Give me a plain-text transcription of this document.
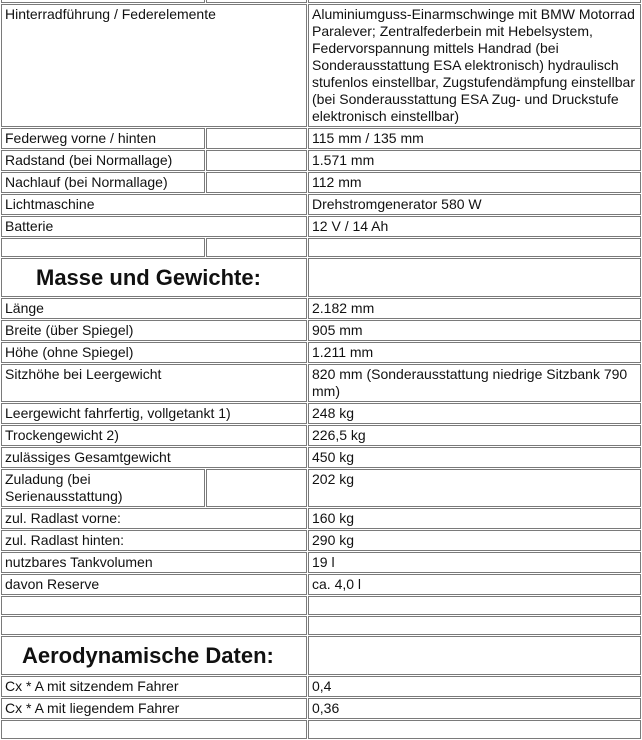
Hinterradführung / Federelemente		Aluminiumguss-Einarmschwinge mit BMW Motorrad Paralever; Zentralfederbein mit Hebelsystem, Federvorspannung mittels Handrad (bei Sonderausstattung ESA elektronisch) hydraulisch stufenlos einstellbar, Zugstufendämpfung einstellbar (bei Sonderausstattung ESA Zug- und Druckstufe elektronisch einstellbar)
Federweg vorne / hinten		115 mm / 135 mm
Radstand (bei Normallage)		1.571 mm
Nachlauf (bei Normallage)		112 mm
Lichtmaschine		Drehstromgenerator 580 W
Batterie		12 V / 14 Ah

Masse und Gewichte:		
Länge		2.182 mm
Breite (über Spiegel)		905 mm
Höhe (ohne Spiegel)		1.211 mm
Sitzhöhe bei Leergewicht		820 mm (Sonderausstattung niedrige Sitzbank 790 mm)
Leergewicht fahrfertig, vollgetankt 1)		248 kg
Trockengewicht 2)		226,5 kg
zulässiges Gesamtgewicht		450 kg
Zuladung (bei Serienausstattung)		202 kg
zul. Radlast vorne:		160 kg
zul. Radlast hinten:		290 kg
nutzbares Tankvolumen		19 l
davon Reserve		ca. 4,0 l

Aerodynamische Daten:		
Cx * A mit sitzendem Fahrer		0,4
Cx * A mit liegendem Fahrer		0,36
